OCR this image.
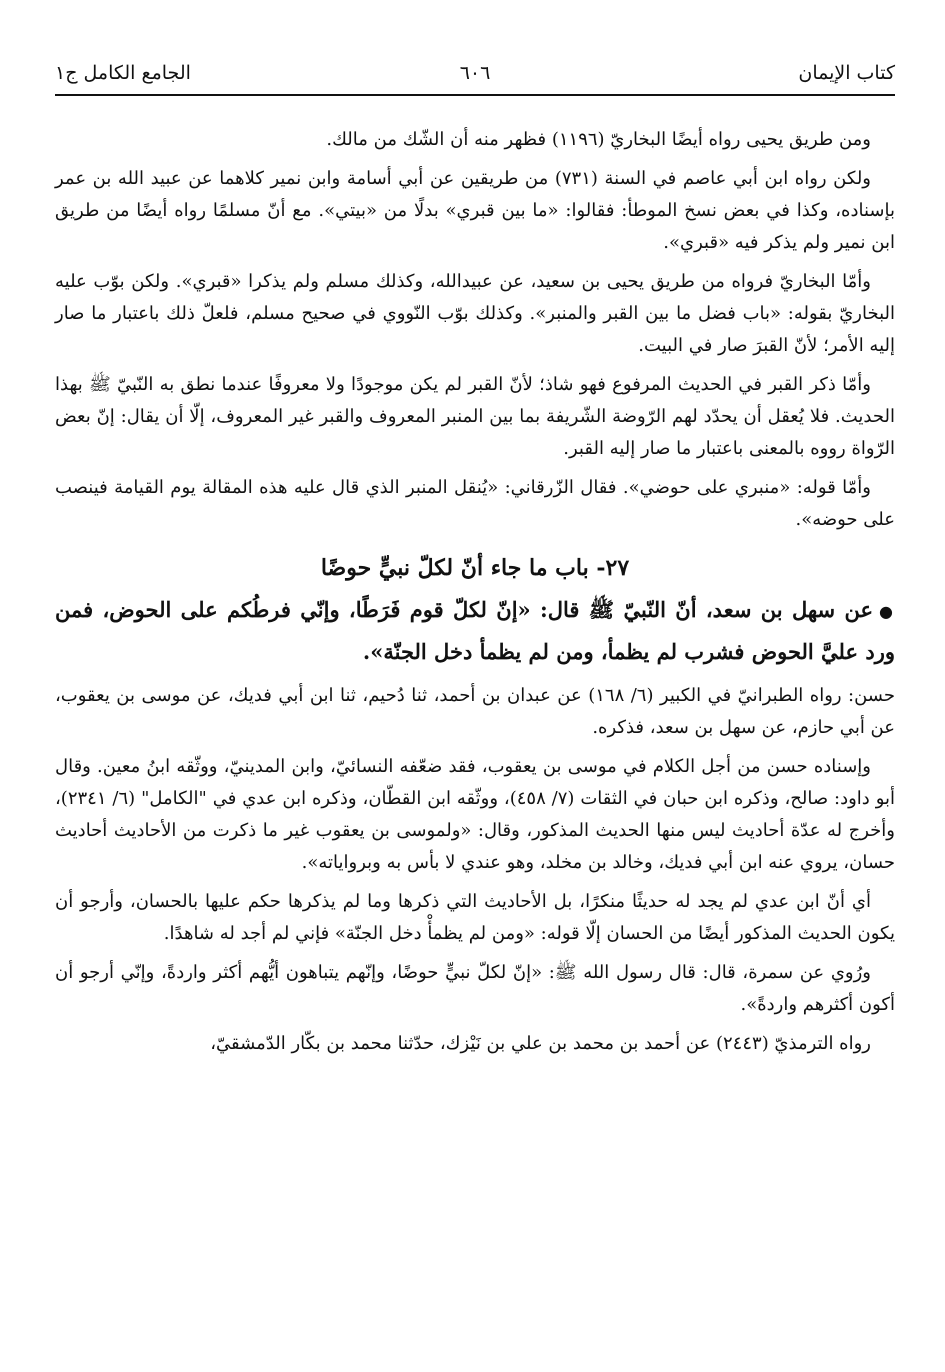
كتاب الإيمان
٦٠٦
الجامع الكامل ج١

ومن طريق يحيى رواه أيضًا البخاريّ (١١٩٦) فظهر منه أن الشّك من مالك.

ولكن رواه ابن أبي عاصم في السنة (٧٣١) من طريقين عن أبي أسامة وابن نمير كلاهما عن عبيد الله بن عمر بإسناده، وكذا في بعض نسخ الموطأ: فقالوا: «ما بين قبري» بدلًا من «بيتي». مع أنّ مسلمًا رواه أيضًا من طريق ابن نمير ولم يذكر فيه «قبري».

وأمّا البخاريّ فرواه من طريق يحيى بن سعيد، عن عبيدالله، وكذلك مسلم ولم يذكرا «قبري». ولكن بوّب عليه البخاريّ بقوله: «باب فضل ما بين القبر والمنبر». وكذلك بوّب النّووي في صحيح مسلم، فلعلّ ذلك باعتبار ما صار إليه الأمر؛ لأنّ القبرَ صار في البيت.

وأمّا ذكر القبر في الحديث المرفوع فهو شاذ؛ لأنّ القبر لم يكن موجودًا ولا معروفًا عندما نطق به النّبيّ ﷺ بهذا الحديث. فلا يُعقل أن يحدّد لهم الرّوضة الشّريفة بما بين المنبر المعروف والقبر غير المعروف، إلّا أن يقال: إنّ بعض الرّواة رووه بالمعنى باعتبار ما صار إليه القبر.

وأمّا قوله: «منبري على حوضي». فقال الزّرقاني: «يُنقل المنبر الذي قال عليه هذه المقالة يوم القيامة فينصب على حوضه».

٢٧- باب ما جاء أنّ لكلّ نبيٍّ حوضًا
●عن سهل بن سعد، أنّ النّبيّ ﷺ قال: «إنّ لكلّ قوم فَرَطًا، وإنّي فرطُكم على الحوض، فمن ورد عليَّ الحوض فشرب لم يظمأ، ومن لم يظمأ دخل الجنّة».

حسن: رواه الطبرانيّ في الكبير (٦/ ١٦٨) عن عبدان بن أحمد، ثنا دُحيم، ثنا ابن أبي فديك، عن موسى بن يعقوب، عن أبي حازم، عن سهل بن سعد، فذكره.

وإسناده حسن من أجل الكلام في موسى بن يعقوب، فقد ضعّفه النسائيّ، وابن المدينيّ، ووثّقه ابنُ معين. وقال أبو داود: صالح، وذكره ابن حبان في الثقات (٧/ ٤٥٨)، ووثّقه ابن القطّان، وذكره ابن عدي في "الكامل" (٦/ ٢٣٤١)، وأخرج له عدّة أحاديث ليس منها الحديث المذكور، وقال: «ولموسى بن يعقوب غير ما ذكرت من الأحاديث أحاديث حسان، يروي عنه ابن أبي فديك، وخالد بن مخلد، وهو عندي لا بأس به وبرواياته».

أي أنّ ابن عدي لم يجد له حديثًا منكرًا، بل الأحاديث التي ذكرها وما لم يذكرها حكم عليها بالحسان، وأرجو أن يكون الحديث المذكور أيضًا من الحسان إلّا قوله: «ومن لم يظمأْ دخل الجنّة» فإني لم أجد له شاهدًا.

ورُوي عن سمرة، قال: قال رسول الله ﷺ: «إنّ لكلّ نبيٍّ حوضًا، وإنّهم يتباهون أيُّهم أكثر واردةً، وإنّي أرجو أن أكون أكثرهم واردةً».

رواه الترمذيّ (٢٤٤٣) عن أحمد بن محمد بن علي بن نَيْزك، حدّثنا محمد بن بكّار الدّمشقيّ،
